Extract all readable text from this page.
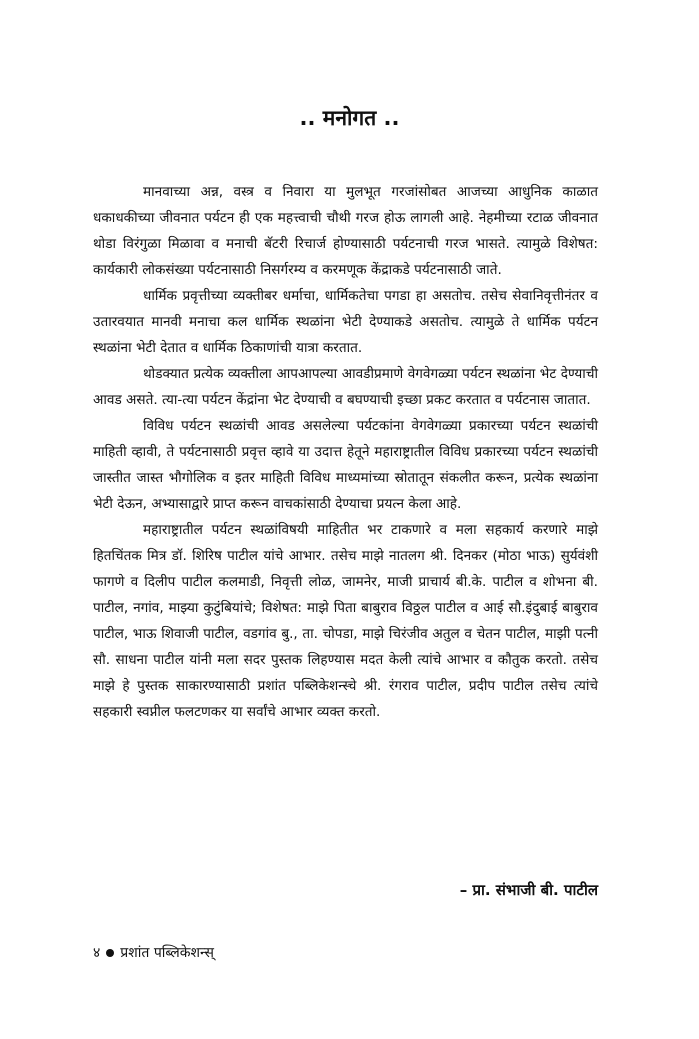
.. मनोगत ..

मानवाच्या अन्न, वस्त्र व निवारा या मुलभूत गरजांसोबत आजच्या आधुनिक काळात धकाधकीच्या जीवनात पर्यटन ही एक महत्त्वाची चौथी गरज होऊ लागली आहे. नेहमीच्या रटाळ जीवनात थोडा विरंगुळा मिळावा व मनाची बॅटरी रिचार्ज होण्यासाठी पर्यटनाची गरज भासते. त्यामुळे विशेषत: कार्यकारी लोकसंख्या पर्यटनासाठी निसर्गरम्य व करमणूक केंद्राकडे पर्यटनासाठी जाते.

धार्मिक प्रवृत्तीच्या व्यक्तीबर धर्माचा, धार्मिकतेचा पगडा हा असतोच. तसेच सेवानिवृत्तीनंतर व उतारवयात मानवी मनाचा कल धार्मिक स्थळांना भेटी देण्याकडे असतोच. त्यामुळे ते धार्मिक पर्यटन स्थळांना भेटी देतात व धार्मिक ठिकाणांची यात्रा करतात.

थोडक्यात प्रत्येक व्यक्तीला आपआपल्या आवडीप्रमाणे वेगवेगळ्या पर्यटन स्थळांना भेट देण्याची आवड असते. त्या-त्या पर्यटन केंद्रांना भेट देण्याची व बघण्याची इच्छा प्रकट करतात व पर्यटनास जातात.

विविध पर्यटन स्थळांची आवड असलेल्या पर्यटकांना वेगवेगळ्या प्रकारच्या पर्यटन स्थळांची माहिती व्हावी, ते पर्यटनासाठी प्रवृत्त व्हावे या उदात्त हेतूने महाराष्ट्रातील विविध प्रकारच्या पर्यटन स्थळांची जास्तीत जास्त भौगोलिक व इतर माहिती विविध माध्यमांच्या स्रोतातून संकलीत करून, प्रत्येक स्थळांना भेटी देऊन, अभ्यासाद्वारे प्राप्त करून वाचकांसाठी देण्याचा प्रयत्न केला आहे.

महाराष्ट्रातील पर्यटन स्थळांविषयी माहितीत भर टाकणारे व मला सहकार्य करणारे माझे हितचिंतक मित्र डॉ. शिरिष पाटील यांचे आभार. तसेच माझे नातलग श्री. दिनकर (मोठा भाऊ) सुर्यवंशी फागणे व दिलीप पाटील कलमाडी, निवृत्ती लोळ, जामनेर, माजी प्राचार्य बी.के. पाटील व शोभना बी. पाटील, नगांव, माझ्या कुटुंबियांचे; विशेषत: माझे पिता बाबुराव विठ्ठल पाटील व आई सौ.इंदुबाई बाबुराव पाटील, भाऊ शिवाजी पाटील, वडगांव बु., ता. चोपडा, माझे चिरंजीव अतुल व चेतन पाटील, माझी पत्नी सौ. साधना पाटील यांनी मला सदर पुस्तक लिहण्यास मदत केली त्यांचे आभार व कौतुक करतो. तसेच माझे हे पुस्तक साकारण्यासाठी प्रशांत पब्लिकेशन्स्चे श्री. रंगराव पाटील, प्रदीप पाटील तसेच त्यांचे सहकारी स्वप्नील फलटणकर या सर्वांचे आभार व्यक्त करतो.

– प्रा. संभाजी बी. पाटील

४ प्रशांत पब्लिकेशन्स्
